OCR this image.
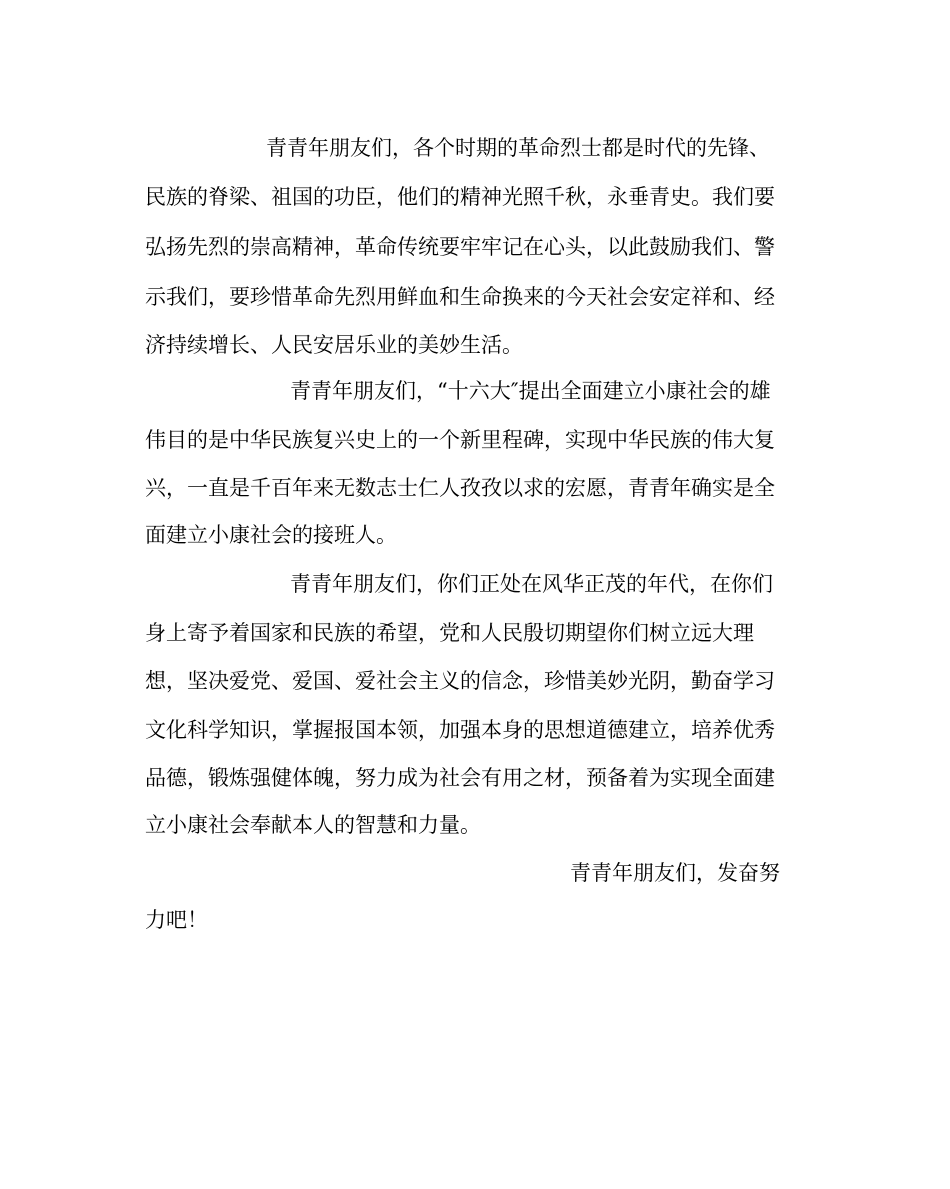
青青年朋友们，各个时期的革命烈士都是时代的先锋、
民族的脊梁、祖国的功臣，他们的精神光照千秋，永垂青史。我们要
弘扬先烈的崇高精神，革命传统要牢牢记在心头，以此鼓励我们、警
示我们，要珍惜革命先烈用鲜血和生命换来的今天社会安定祥和、经
济持续增长、人民安居乐业的美妙生活。
青青年朋友们，“十六大″提出全面建立小康社会的雄
伟目的是中华民族复兴史上的一个新里程碑，实现中华民族的伟大复
兴，一直是千百年来无数志士仁人孜孜以求的宏愿，青青年确实是全
面建立小康社会的接班人。
青青年朋友们，你们正处在风华正茂的年代，在你们
身上寄予着国家和民族的希望，党和人民殷切期望你们树立远大理
想，坚决爱党、爱国、爱社会主义的信念，珍惜美妙光阴，勤奋学习
文化科学知识，掌握报国本领，加强本身的思想道德建立，培养优秀
品德，锻炼强健体魄，努力成为社会有用之材，预备着为实现全面建
立小康社会奉献本人的智慧和力量。
青青年朋友们，发奋努
力吧！
